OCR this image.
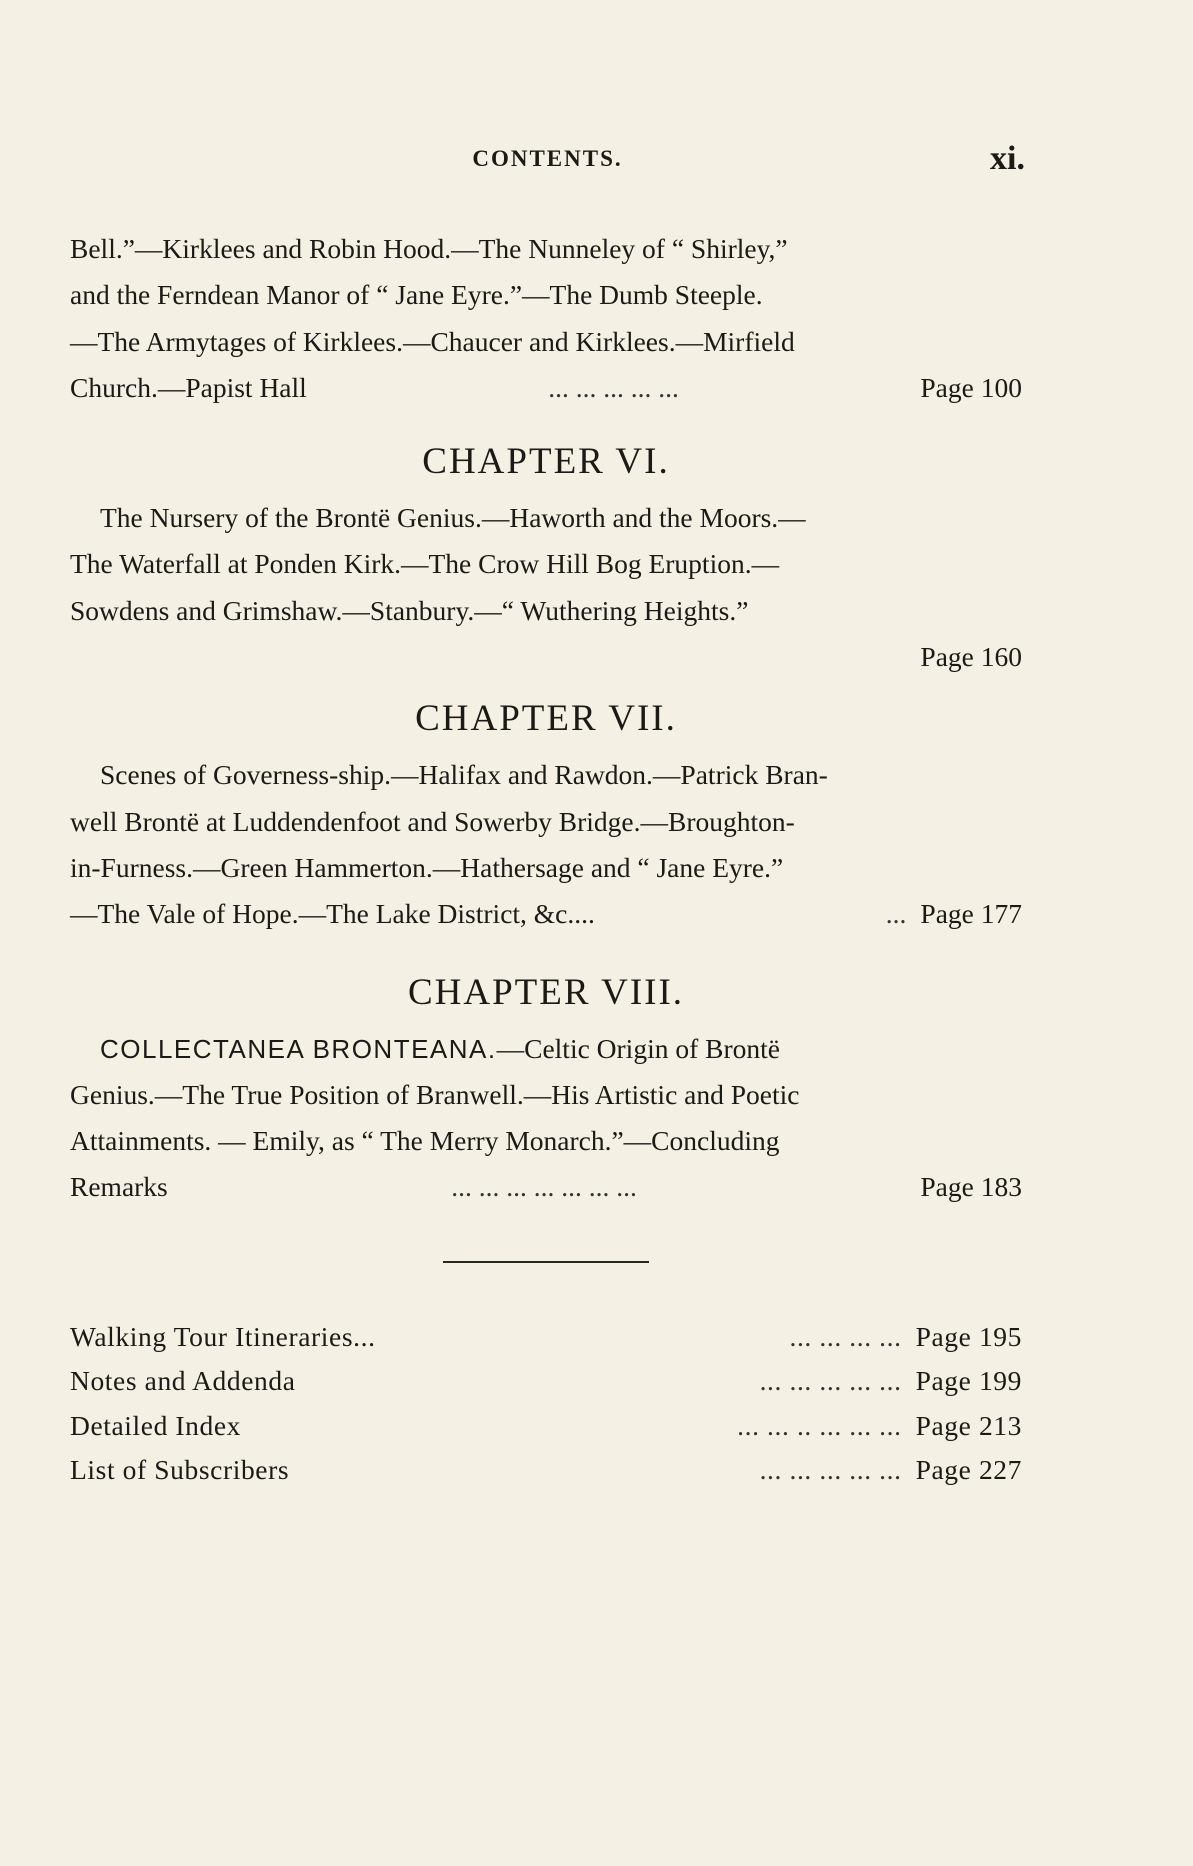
CONTENTS.	xi.
Bell.”—Kirklees and Robin Hood.—The Nunneley of “ Shirley,”
and the Ferndean Manor of “ Jane Eyre.”—The Dumb Steeple.
—The Armytages of Kirklees.—Chaucer and Kirklees.—Mirfield
Church.—Papist Hall	... ... ... ... ...	Page 100
CHAPTER VI.
The Nursery of the Brontë Genius.—Haworth and the Moors.—
The Waterfall at Ponden Kirk.—The Crow Hill Bog Eruption.—
Sowdens and Grimshaw.—Stanbury.—“ Wuthering Heights.”
Page 160
CHAPTER VII.
Scenes of Governess-ship.—Halifax and Rawdon.—Patrick Bran-
well Brontë at Luddendenfoot and Sowerby Bridge.—Broughton-
in-Furness.—Green Hammerton.—Hathersage and “ Jane Eyre.”
—The Vale of Hope.—The Lake District, &c....	... Page 177
CHAPTER VIII.
COLLECTANEA BRONTEANA.—Celtic Origin of Brontë
Genius.—The True Position of Branwell.—His Artistic and Poetic
Attainments. — Emily, as “ The Merry Monarch.”—Concluding
Remarks	... ... ... ... ... ... ...	Page 183
Walking Tour Itineraries...	... ... ... ... Page 195
Notes and Addenda	... ... ... ... ... Page 199
Detailed Index	... ... .. ... ... ... Page 213
List of Subscribers	... ... ... ... ... Page 227
